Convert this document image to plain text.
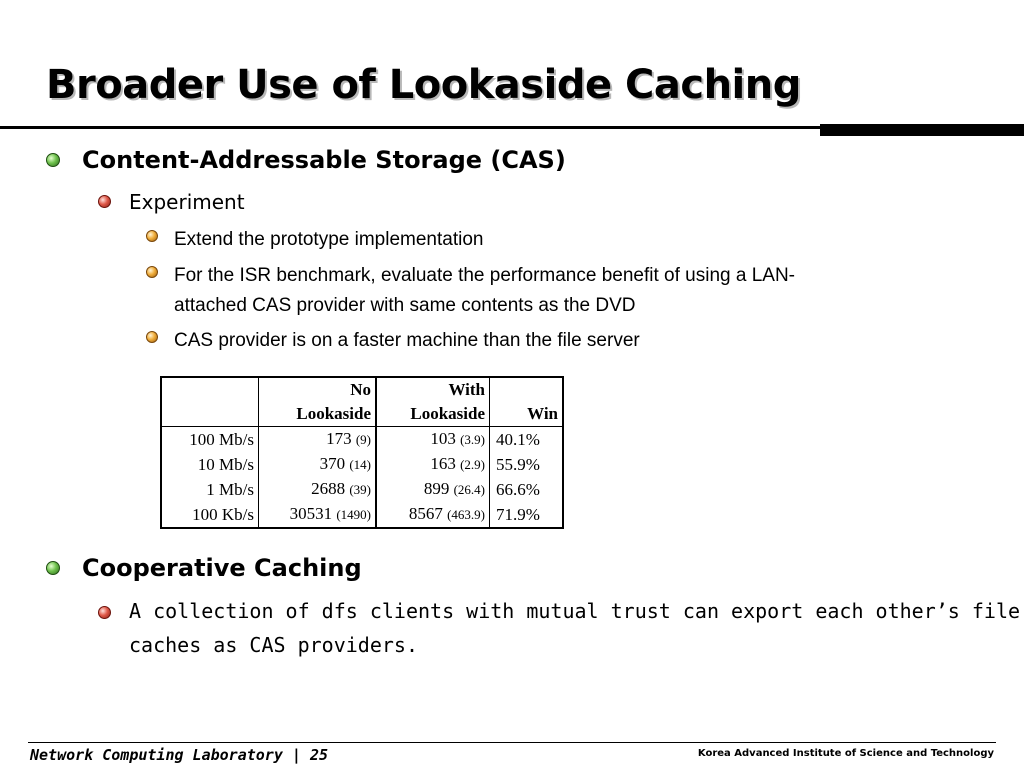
Broader Use of Lookaside Caching
Content-Addressable Storage (CAS)
Experiment
Extend the prototype implementation
For the ISR benchmark, evaluate the performance benefit of using a LAN-
attached CAS provider with same contents as the DVD
CAS provider is on a faster machine than the file server
	No	With	
	Lookaside	Lookaside	Win
100 Mb/s	173 (9)	103 (3.9)	40.1%
10 Mb/s	370 (14)	163 (2.9)	55.9%
1 Mb/s	2688 (39)	899 (26.4)	66.6%
100 Kb/s	30531 (1490)	8567 (463.9)	71.9%
Cooperative Caching
A collection of dfs clients with mutual trust can export each other’s file
caches as CAS providers.
Network Computing Laboratory | 25	Korea Advanced Institute of Science and Technology
